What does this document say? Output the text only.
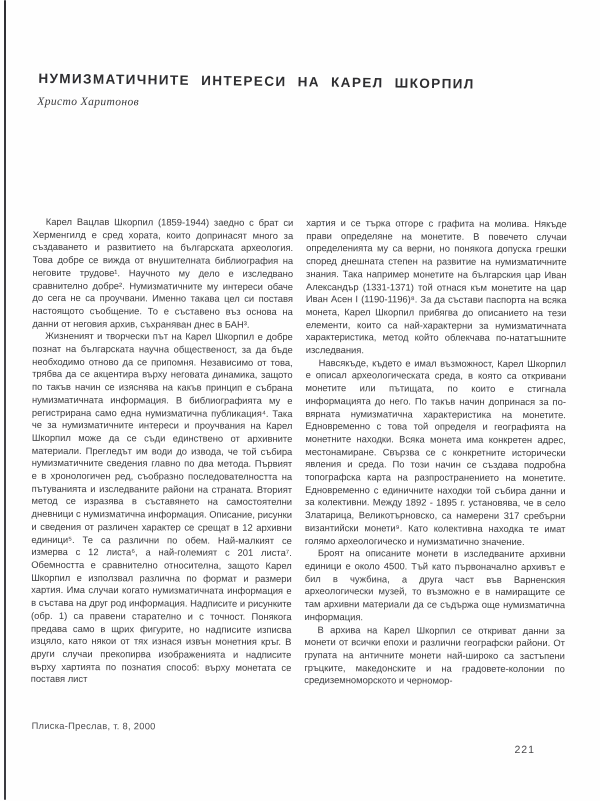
НУМИЗМАТИЧНИТЕ ИНТЕРЕСИ НА КАРЕЛ ШКОРПИЛ
Христо Харитонов

Карел Вацлав Шкорпил (1859-1944) заедно с брат си Херменгилд е сред хората, които допринасят много за създаването и развитието на българската археология. Това добре се вижда от внушителната библиография на неговите трудове¹. Научното му дело е изследвано сравнително добре². Нумизматичните му интереси обаче до сега не са проучвани. Именно такава цел си поставя настоящото съобщение. То е съставено въз основа на данни от неговия архив, съхраняван днес в БАН³.

Жизненият и творчески път на Карел Шкорпил е добре познат на българската научна общественост, за да бъде необходимо отново да се припомня. Независимо от това, трябва да се акцентира върху неговата динамика, защото по такъв начин се изяснява на какъв принцип е събрана нумизматичната информация. В библиографията му е регистрирана само една нумизматична публикация⁴. Така че за нумизматичните интереси и проучвания на Карел Шкорпил може да се съди единствено от архивните материали. Прегледът им води до извода, че той събира нумизматичните сведения главно по два метода. Първият е в хронологичен ред, съобразно последователността на пътуванията и изследваните райони на страната. Вторият метод се изразява в съставянето на самостоятелни дневници с нумизматична информация. Описание, рисунки и сведения от различен характер се срещат в 12 архивни единици⁵. Те са различни по обем. Най-малкият се измерва с 12 листа⁶, а най-големият с 201 листа⁷. Обемността е сравнително относителна, защото Карел Шкорпил е използвал различна по формат и размери хартия. Има случаи когато нумизматичната информация е в състава на друг род информация. Надписите и рисунките (обр. 1) са правени старателно и с точност. Понякога предава само в щрих фигурите, но надписите изписва изцяло, като някои от тях изнася извън монетния кръг. В други случаи прекопирва изображенията и надписите върху хартията по познатия способ: върху монетата се поставя лист

хартия и се търка отгоре с графита на молива. Някъде прави определяне на монетите. В повечето случаи определенията му са верни, но понякога допуска грешки според днешната степен на развитие на нумизматичните знания. Така например монетите на българския цар Иван Александър (1331-1371) той отнася към монетите на цар Иван Асен I (1190-1196)⁸. За да състави паспорта на всяка монета, Карел Шкорпил прибягва до описанието на тези елементи, които са най-характерни за нумизматичната характеристика, метод който облекчава по-нататъшните изследвания.

Навсякъде, където е имал възможност, Карел Шкорпил е описал археологическата среда, в която са откривани монетите или пътищата, по които е стигнала информацията до него. По такъв начин допринася за по-вярната нумизматична характеристика на монетите. Едновременно с това той определя и географията на монетните находки. Всяка монета има конкретен адрес, местонамиране. Свързва се с конкретните исторически явления и среда. По този начин се създава подробна топографска карта на разпространението на монетите. Едновременно с единичните находки той събира данни и за колективни. Между 1892 - 1895 г. установява, че в село Златарица, Великотърновско, са намерени 317 сребърни византийски монети⁹. Като колективна находка те имат голямо археологическо и нумизматично значение.

Броят на описаните монети в изследваните архивни единици е около 4500. Тъй като първоначално архивът е бил в чужбина, а друга част във Варненския археологически музей, то възможно е в намиращите се там архивни материали да се съдържа още нумизматична информация.

В архива на Карел Шкорпил се откриват данни за монети от всички епохи и различни географски райони. От групата на античните монети най-широко са застъпени гръцките, македонските и на градовете-колонии по средиземноморското и черномор-

Плиска-Преслав, т. 8, 2000
221
